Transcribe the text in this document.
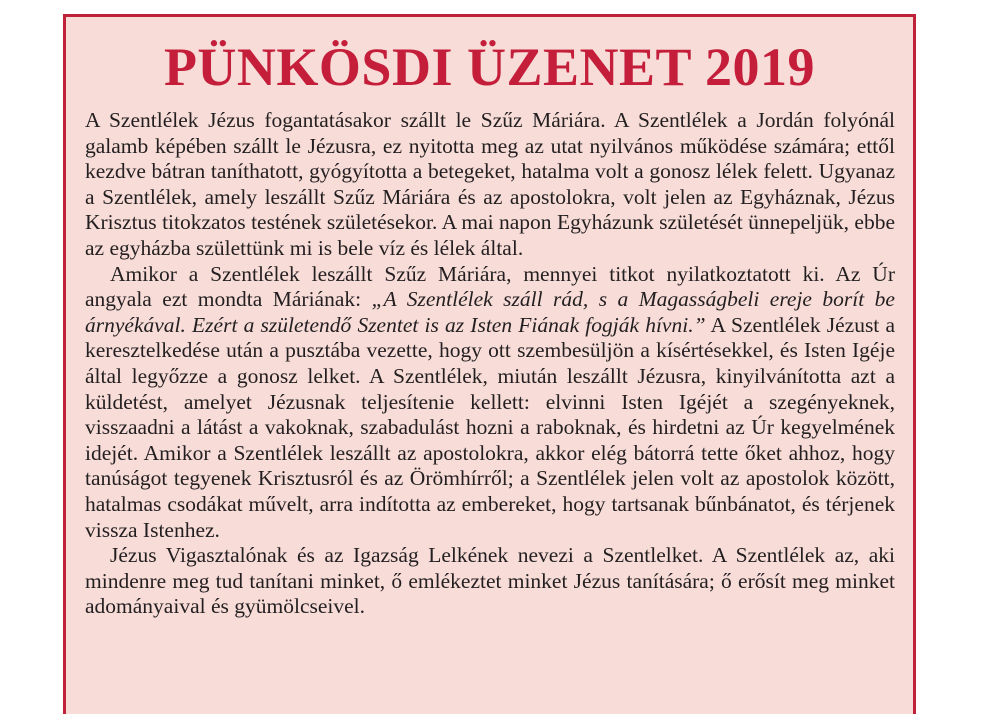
PÜNKÖSDI ÜZENET 2019

A Szentlélek Jézus fogantatásakor szállt le Szűz Máriára. A Szentlélek a Jordán folyónál galamb képében szállt le Jézusra, ez nyitotta meg az utat nyilvános működése számára; ettől kezdve bátran taníthatott, gyógyította a betegeket, hatalma volt a gonosz lélek felett. Ugyanaz a Szentlélek, amely leszállt Szűz Máriára és az apostolokra, volt jelen az Egyháznak, Jézus Krisztus titokzatos testének születésekor. A mai napon Egyházunk születését ünnepeljük, ebbe az egyházba születtünk mi is bele víz és lélek által.

Amikor a Szentlélek leszállt Szűz Máriára, mennyei titkot nyilatkoztatott ki. Az Úr angyala ezt mondta Máriának: „A Szentlélek száll rád, s a Magasságbeli ereje borít be árnyékával. Ezért a születendő Szentet is az Isten Fiának fogják hívni.” A Szentlélek Jézust a keresztelkedése után a pusztába vezette, hogy ott szembesüljön a kísértésekkel, és Isten Igéje által legyőzze a gonosz lelket. A Szentlélek, miután leszállt Jézusra, kinyilvánította azt a küldetést, amelyet Jézusnak teljesítenie kellett: elvinni Isten Igéjét a szegényeknek, visszaadni a látást a vakoknak, szabadulást hozni a raboknak, és hirdetni az Úr kegyelmének idejét. Amikor a Szentlélek leszállt az apostolokra, akkor elég bátorrá tette őket ahhoz, hogy tanúságot tegyenek Krisztusról és az Örömhírről; a Szentlélek jelen volt az apostolok között, hatalmas csodákat művelt, arra indította az embereket, hogy tartsanak bűnbánatot, és térjenek vissza Istenhez.

Jézus Vigasztalónak és az Igazság Lelkének nevezi a Szentlelket. A Szentlélek az, aki mindenre meg tud tanítani minket, ő emlékeztet minket Jézus tanítására; ő erősít meg minket adományaival és gyümölcseivel.
